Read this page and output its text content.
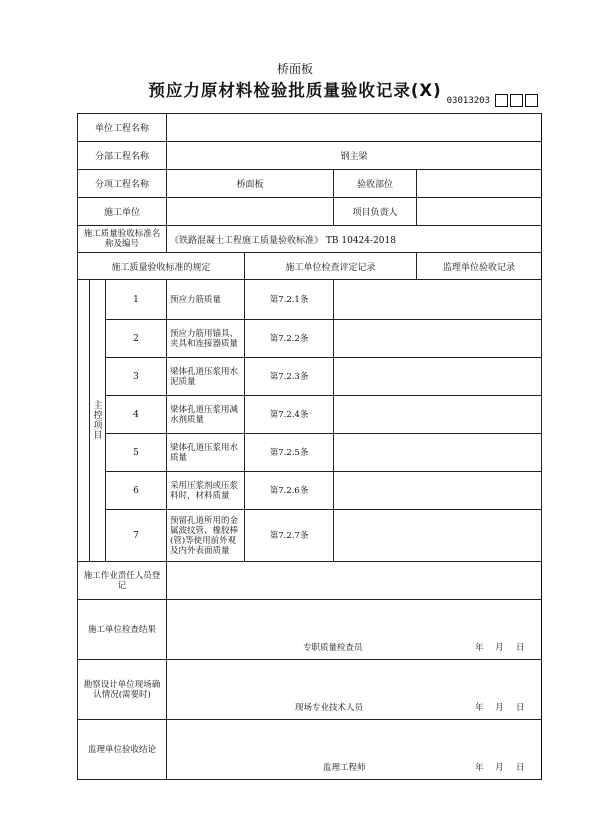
桥面板
预应力原材料检验批质量验收记录(X)
03013203
单位工程名称							
分部工程名称			钢主梁				
分项工程名称			桥面板		验收部位		
施工单位					项目负责人		
施工质量验收标准名称及编号			《铁路混凝土工程施工质量验收标准》 TB 10424-2018				
施工质量验收标准的规定				施工单位检查评定记录		监理单位验收记录	
	主控项目	1	预应力筋质量	第7.2.1条			
		2	预应力筋用锚具、夹具和连接器质量	第7.2.2条			
		3	梁体孔道压浆用水泥质量	第7.2.3条			
		4	梁体孔道压浆用减水剂质量	第7.2.4条			
		5	梁体孔道压浆用水质量	第7.2.5条			
		6	采用压浆剂或压浆料时，材料质量	第7.2.6条			
		7	预留孔道所用的金属波纹管、橡胶棒(管)等使用前外观及内外表面质量	第7.2.7条			
施工作业责任人员登记							
施工单位检查结果			专职质量检查员 年 月 日				

勘察设计单位现场确认情况(需要时)			现场专业技术人员 年 月 日				

监理单位验收结论			监理工程师 年 月 日				
